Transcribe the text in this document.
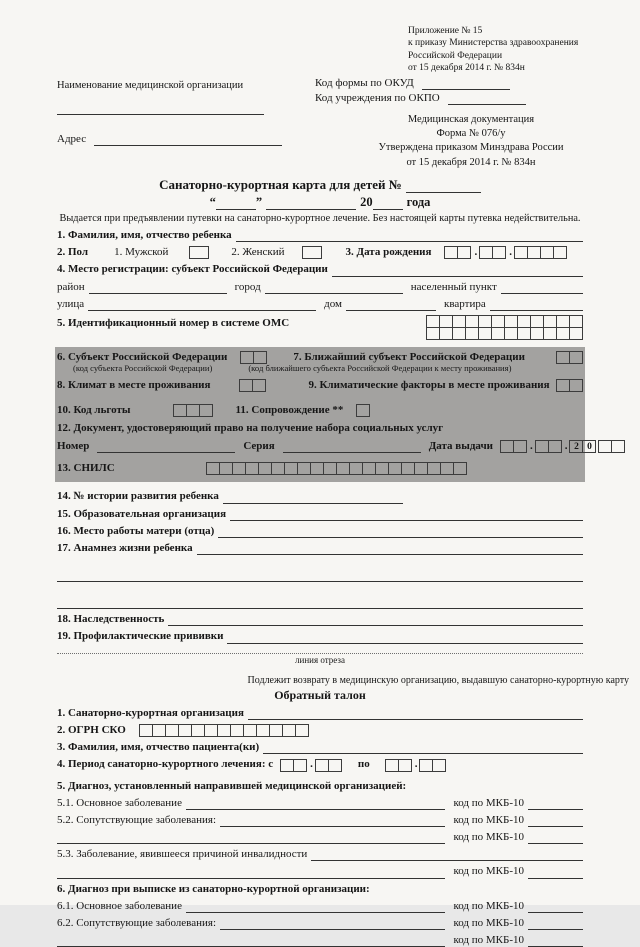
Приложение № 15
к приказу Министерства здравоохранения
Российской Федерации
от 15 декабря 2014 г. № 834н
Код формы по ОКУД
Код учреждения по ОКПО
Наименование медицинской организации
Адрес
Медицинская документация
Форма № 076/у
Утверждена приказом Минздрава России
от 15 декабря 2014 г. № 834н
Санаторно-курортная карта для детей №
“	”	20	года
Выдается при предъявлении путевки на санаторно-курортное лечение. Без настоящей карты путевка недействительна.
1. Фамилия, имя, отчество ребенка
2. Пол 1. Мужской	2. Женский	3. Дата рождения	.	.
4. Место регистрации: субъект Российской Федерации
район	город	населенный пункт
улица	дом	квартира
5. Идентификационный номер в системе ОМС
6. Субъект Российской Федерации	7. Ближайший субъект Российской Федерации
(код субъекта Российской Федерации)	(код ближайшего субъекта Российской Федерации к месту проживания)
8. Климат в месте проживания	9. Климатические факторы в месте проживания
10. Код льготы	11. Сопровождение **
12. Документ, удостоверяющий право на получение набора социальных услуг
Номер	Серия	Дата выдачи	.	. 2 0
13. СНИЛС
14. № истории развития ребенка
15. Образовательная организация
16. Место работы матери (отца)
17. Анамнез жизни ребенка
18. Наследственность
19. Профилактические прививки
линия отреза
Подлежит возврату в медицинскую организацию, выдавшую санаторно-курортную карту
Обратный талон
1. Санаторно-курортная организация
2. ОГРН СКО
3. Фамилия, имя, отчество пациента(ки)
4. Период санаторно-курортного лечения: с	.	по	.
5. Диагноз, установленный направившей медицинской организацией:
5.1. Основное заболевание	код по МКБ-10
5.2. Сопутствующие заболевания:	код по МКБ-10
код по МКБ-10
5.3. Заболевание, явившееся причиной инвалидности
код по МКБ-10
6. Диагноз при выписке из санаторно-курортной организации:
6.1. Основное заболевание	код по МКБ-10
6.2. Сопутствующие заболевания:	код по МКБ-10
код по МКБ-10
